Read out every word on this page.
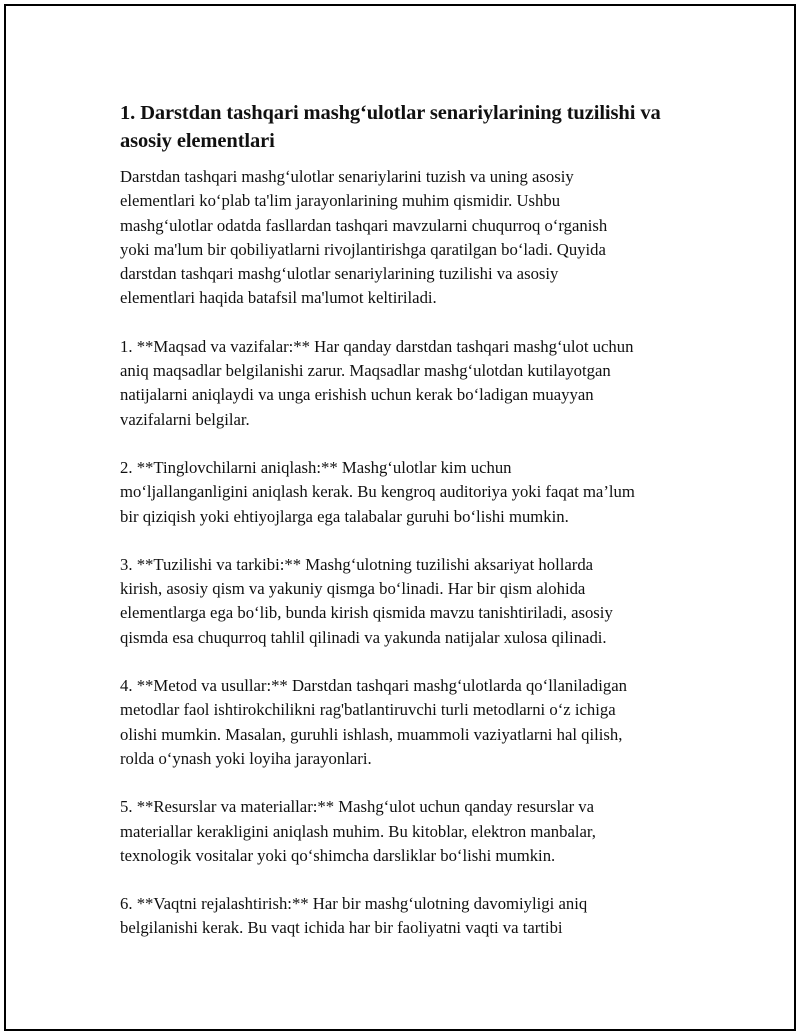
1. Darstdan tashqari mashg‘ulotlar senariylarining tuzilishi va asosiy elementlari

Darstdan tashqari mashg‘ulotlar senariylarini tuzish va uning asosiy
elementlari ko‘plab ta'lim jarayonlarining muhim qismidir. Ushbu
mashg‘ulotlar odatda fasllardan tashqari mavzularni chuqurroq o‘rganish
yoki ma'lum bir qobiliyatlarni rivojlantirishga qaratilgan bo‘ladi. Quyida
darstdan tashqari mashg‘ulotlar senariylarining tuzilishi va asosiy
elementlari haqida batafsil ma'lumot keltiriladi.

1. **Maqsad va vazifalar:** Har qanday darstdan tashqari mashg‘ulot uchun
aniq maqsadlar belgilanishi zarur. Maqsadlar mashg‘ulotdan kutilayotgan
natijalarni aniqlaydi va unga erishish uchun kerak bo‘ladigan muayyan
vazifalarni belgilar.

2. **Tinglovchilarni aniqlash:** Mashg‘ulotlar kim uchun
mo‘ljallanganligini aniqlash kerak. Bu kengroq auditoriya yoki faqat ma’lum
bir qiziqish yoki ehtiyojlarga ega talabalar guruhi bo‘lishi mumkin.

3. **Tuzilishi va tarkibi:** Mashg‘ulotning tuzilishi aksariyat hollarda
kirish, asosiy qism va yakuniy qismga bo‘linadi. Har bir qism alohida
elementlarga ega bo‘lib, bunda kirish qismida mavzu tanishtiriladi, asosiy
qismda esa chuqurroq tahlil qilinadi va yakunda natijalar xulosa qilinadi.

4. **Metod va usullar:** Darstdan tashqari mashg‘ulotlarda qo‘llaniladigan
metodlar faol ishtirokchilikni rag'batlantiruvchi turli metodlarni o‘z ichiga
olishi mumkin. Masalan, guruhli ishlash, muammoli vaziyatlarni hal qilish,
rolda o‘ynash yoki loyiha jarayonlari.

5. **Resurslar va materiallar:** Mashg‘ulot uchun qanday resurslar va
materiallar kerakligini aniqlash muhim. Bu kitoblar, elektron manbalar,
texnologik vositalar yoki qo‘shimcha darsliklar bo‘lishi mumkin.

6. **Vaqtni rejalashtirish:** Har bir mashg‘ulotning davomiyligi aniq
belgilanishi kerak. Bu vaqt ichida har bir faoliyatni vaqti va tartibi
